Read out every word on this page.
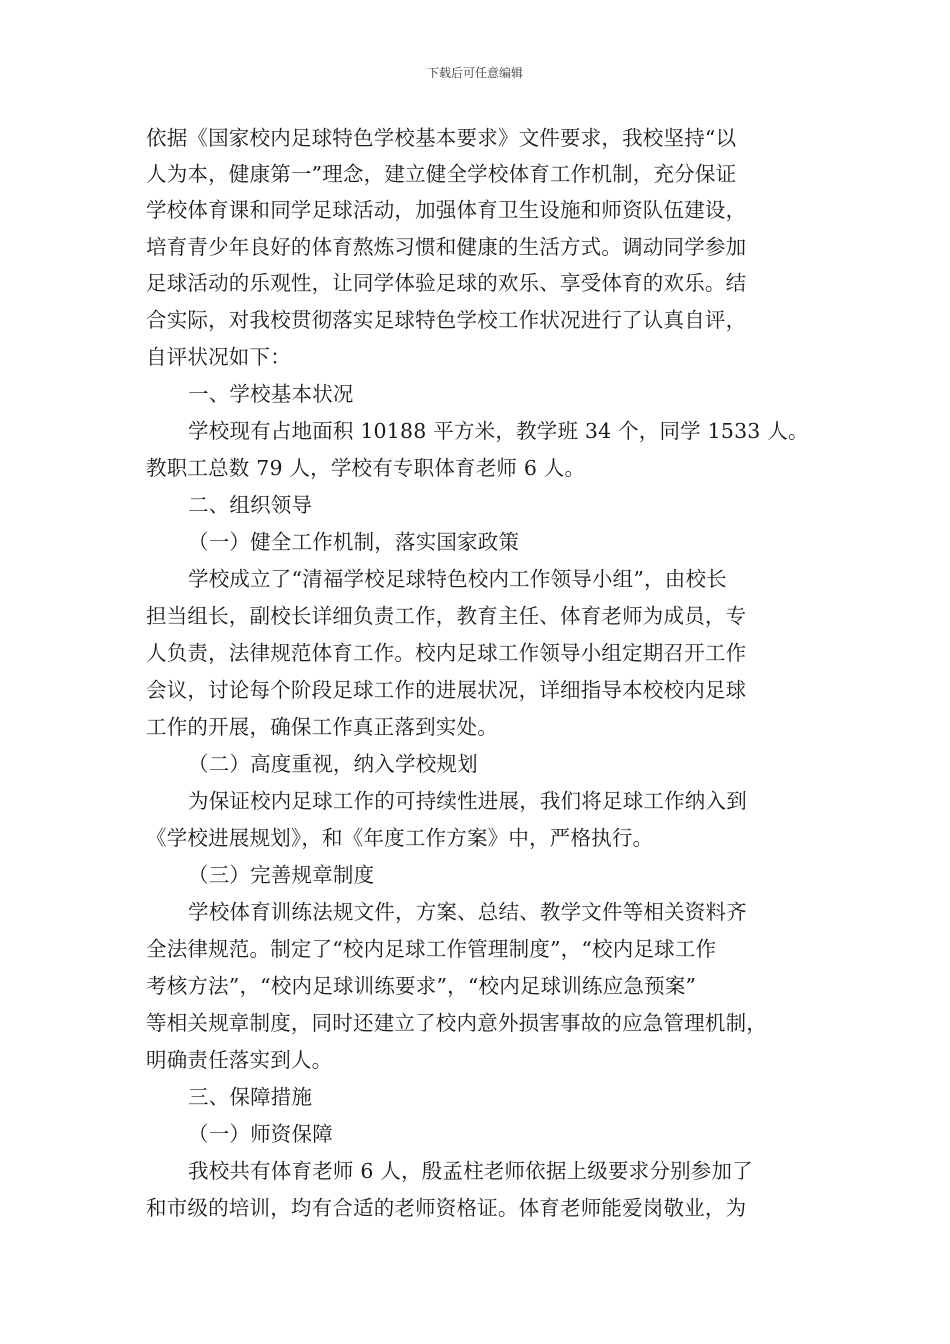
下载后可任意编辑
依据《国家校内足球特色学校基本要求》文件要求，我校坚持“以
人为本，健康第一”理念，建立健全学校体育工作机制，充分保证
学校体育课和同学足球活动，加强体育卫生设施和师资队伍建设，
培育青少年良好的体育熬炼习惯和健康的生活方式。调动同学参加
足球活动的乐观性，让同学体验足球的欢乐、享受体育的欢乐。结
合实际，对我校贯彻落实足球特色学校工作状况进行了认真自评，
自评状况如下：
一、学校基本状况
学校现有占地面积 10188 平方米，教学班 34 个，同学 1533 人。
教职工总数 79 人，学校有专职体育老师 6 人。
二、组织领导
（一）健全工作机制，落实国家政策
学校成立了“清福学校足球特色校内工作领导小组”，由校长
担当组长，副校长详细负责工作，教育主任、体育老师为成员，专
人负责，法律规范体育工作。校内足球工作领导小组定期召开工作
会议，讨论每个阶段足球工作的进展状况，详细指导本校校内足球
工作的开展，确保工作真正落到实处。
（二）高度重视，纳入学校规划
为保证校内足球工作的可持续性进展，我们将足球工作纳入到
《学校进展规划》，和《年度工作方案》中，严格执行。
（三）完善规章制度
学校体育训练法规文件，方案、总结、教学文件等相关资料齐
全法律规范。制定了“校内足球工作管理制度”，“校内足球工作
考核方法”，“校内足球训练要求”，“校内足球训练应急预案”
等相关规章制度，同时还建立了校内意外损害事故的应急管理机制，
明确责任落实到人。
三、保障措施
（一）师资保障
我校共有体育老师 6 人，殷孟柱老师依据上级要求分别参加了
和市级的培训，均有合适的老师资格证。体育老师能爱岗敬业，为
